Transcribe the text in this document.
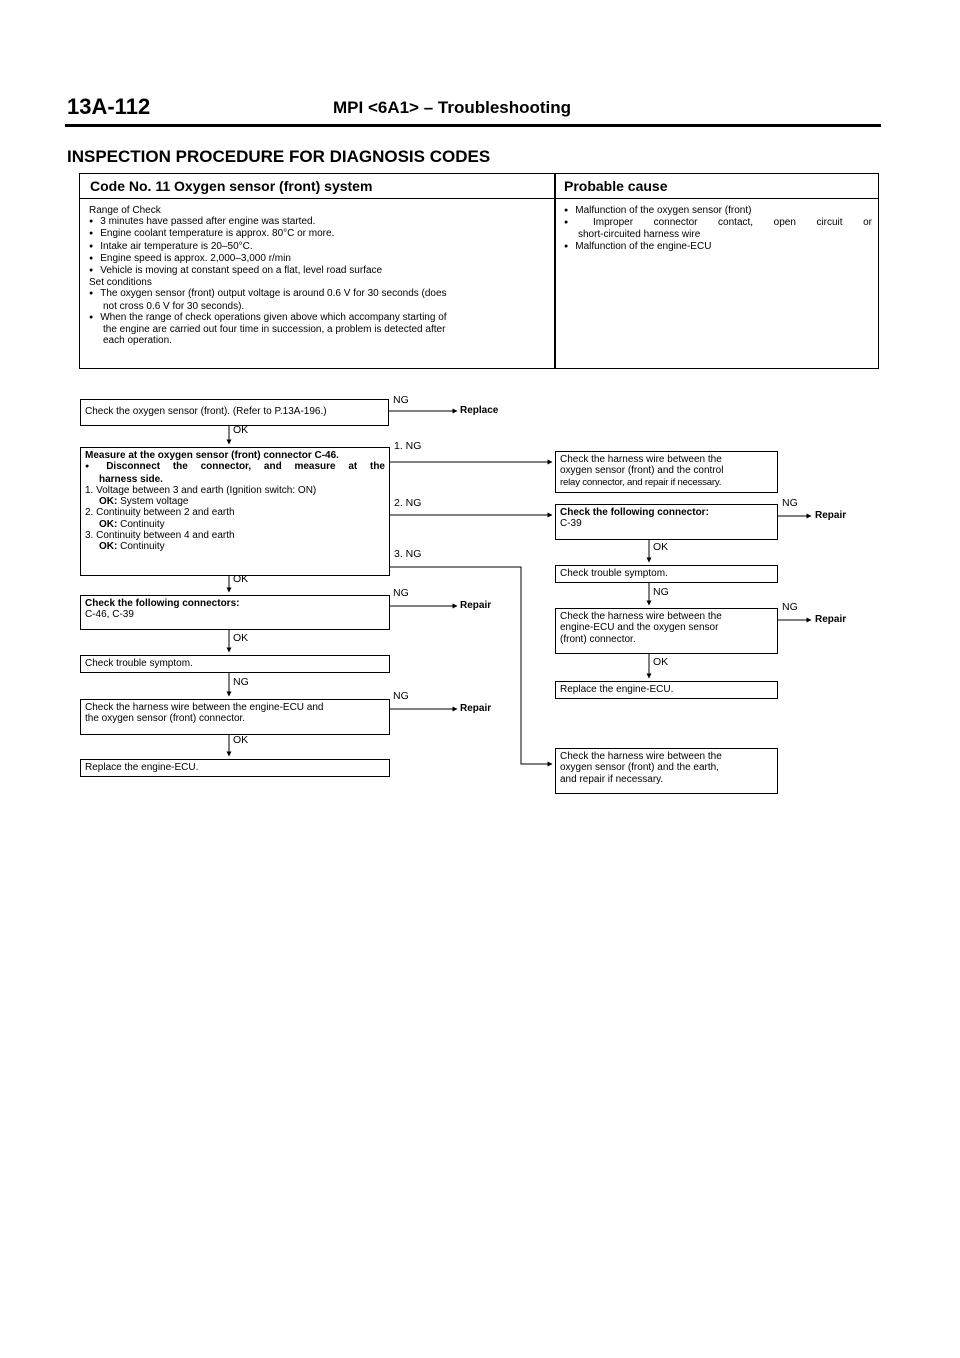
13A-112	MPI <6A1> – Troubleshooting
INSPECTION PROCEDURE FOR DIAGNOSIS CODES
Code No. 11 Oxygen sensor (front) system	Probable cause
Range of Check
● 3 minutes have passed after engine was started.
● Engine coolant temperature is approx. 80°C or more.
● Intake air temperature is 20–50°C.
● Engine speed is approx. 2,000–3,000 r/min
● Vehicle is moving at constant speed on a flat, level road surface
Set conditions
● The oxygen sensor (front) output voltage is around 0.6 V for 30 seconds (does
not cross 0.6 V for 30 seconds).
● When the range of check operations given above which accompany starting of
the engine are carried out four time in succession, a problem is detected after
each operation.
● Malfunction of the oxygen sensor (front)
● Improper connector contact, open circuit or
short-circuited harness wire
● Malfunction of the engine-ECU
Check the oxygen sensor (front). (Refer to P.13A-196.)
Measure at the oxygen sensor (front) connector C-46.
● Disconnect the connector, and measure at the
harness side.
1. Voltage between 3 and earth (Ignition switch: ON)
OK: System voltage
2. Continuity between 2 and earth
OK: Continuity
3. Continuity between 4 and earth
OK: Continuity
Check the following connectors:
C-46, C-39
Check trouble symptom.
Check the harness wire between the engine-ECU and
the oxygen sensor (front) connector.
Replace the engine-ECU.
Check the harness wire between the
oxygen sensor (front) and the control
relay connector, and repair if necessary.
Check the following connector:
C-39
Check trouble symptom.
Check the harness wire between the
engine-ECU and the oxygen sensor
(front) connector.
Replace the engine-ECU.
Check the harness wire between the
oxygen sensor (front) and the earth,
and repair if necessary.
NG
Replace
OK
1. NG
2. NG
3. NG
OK
NG
Repair
OK
NG
NG
Repair
OK
NG
Repair
OK
NG
NG
Repair
OK
